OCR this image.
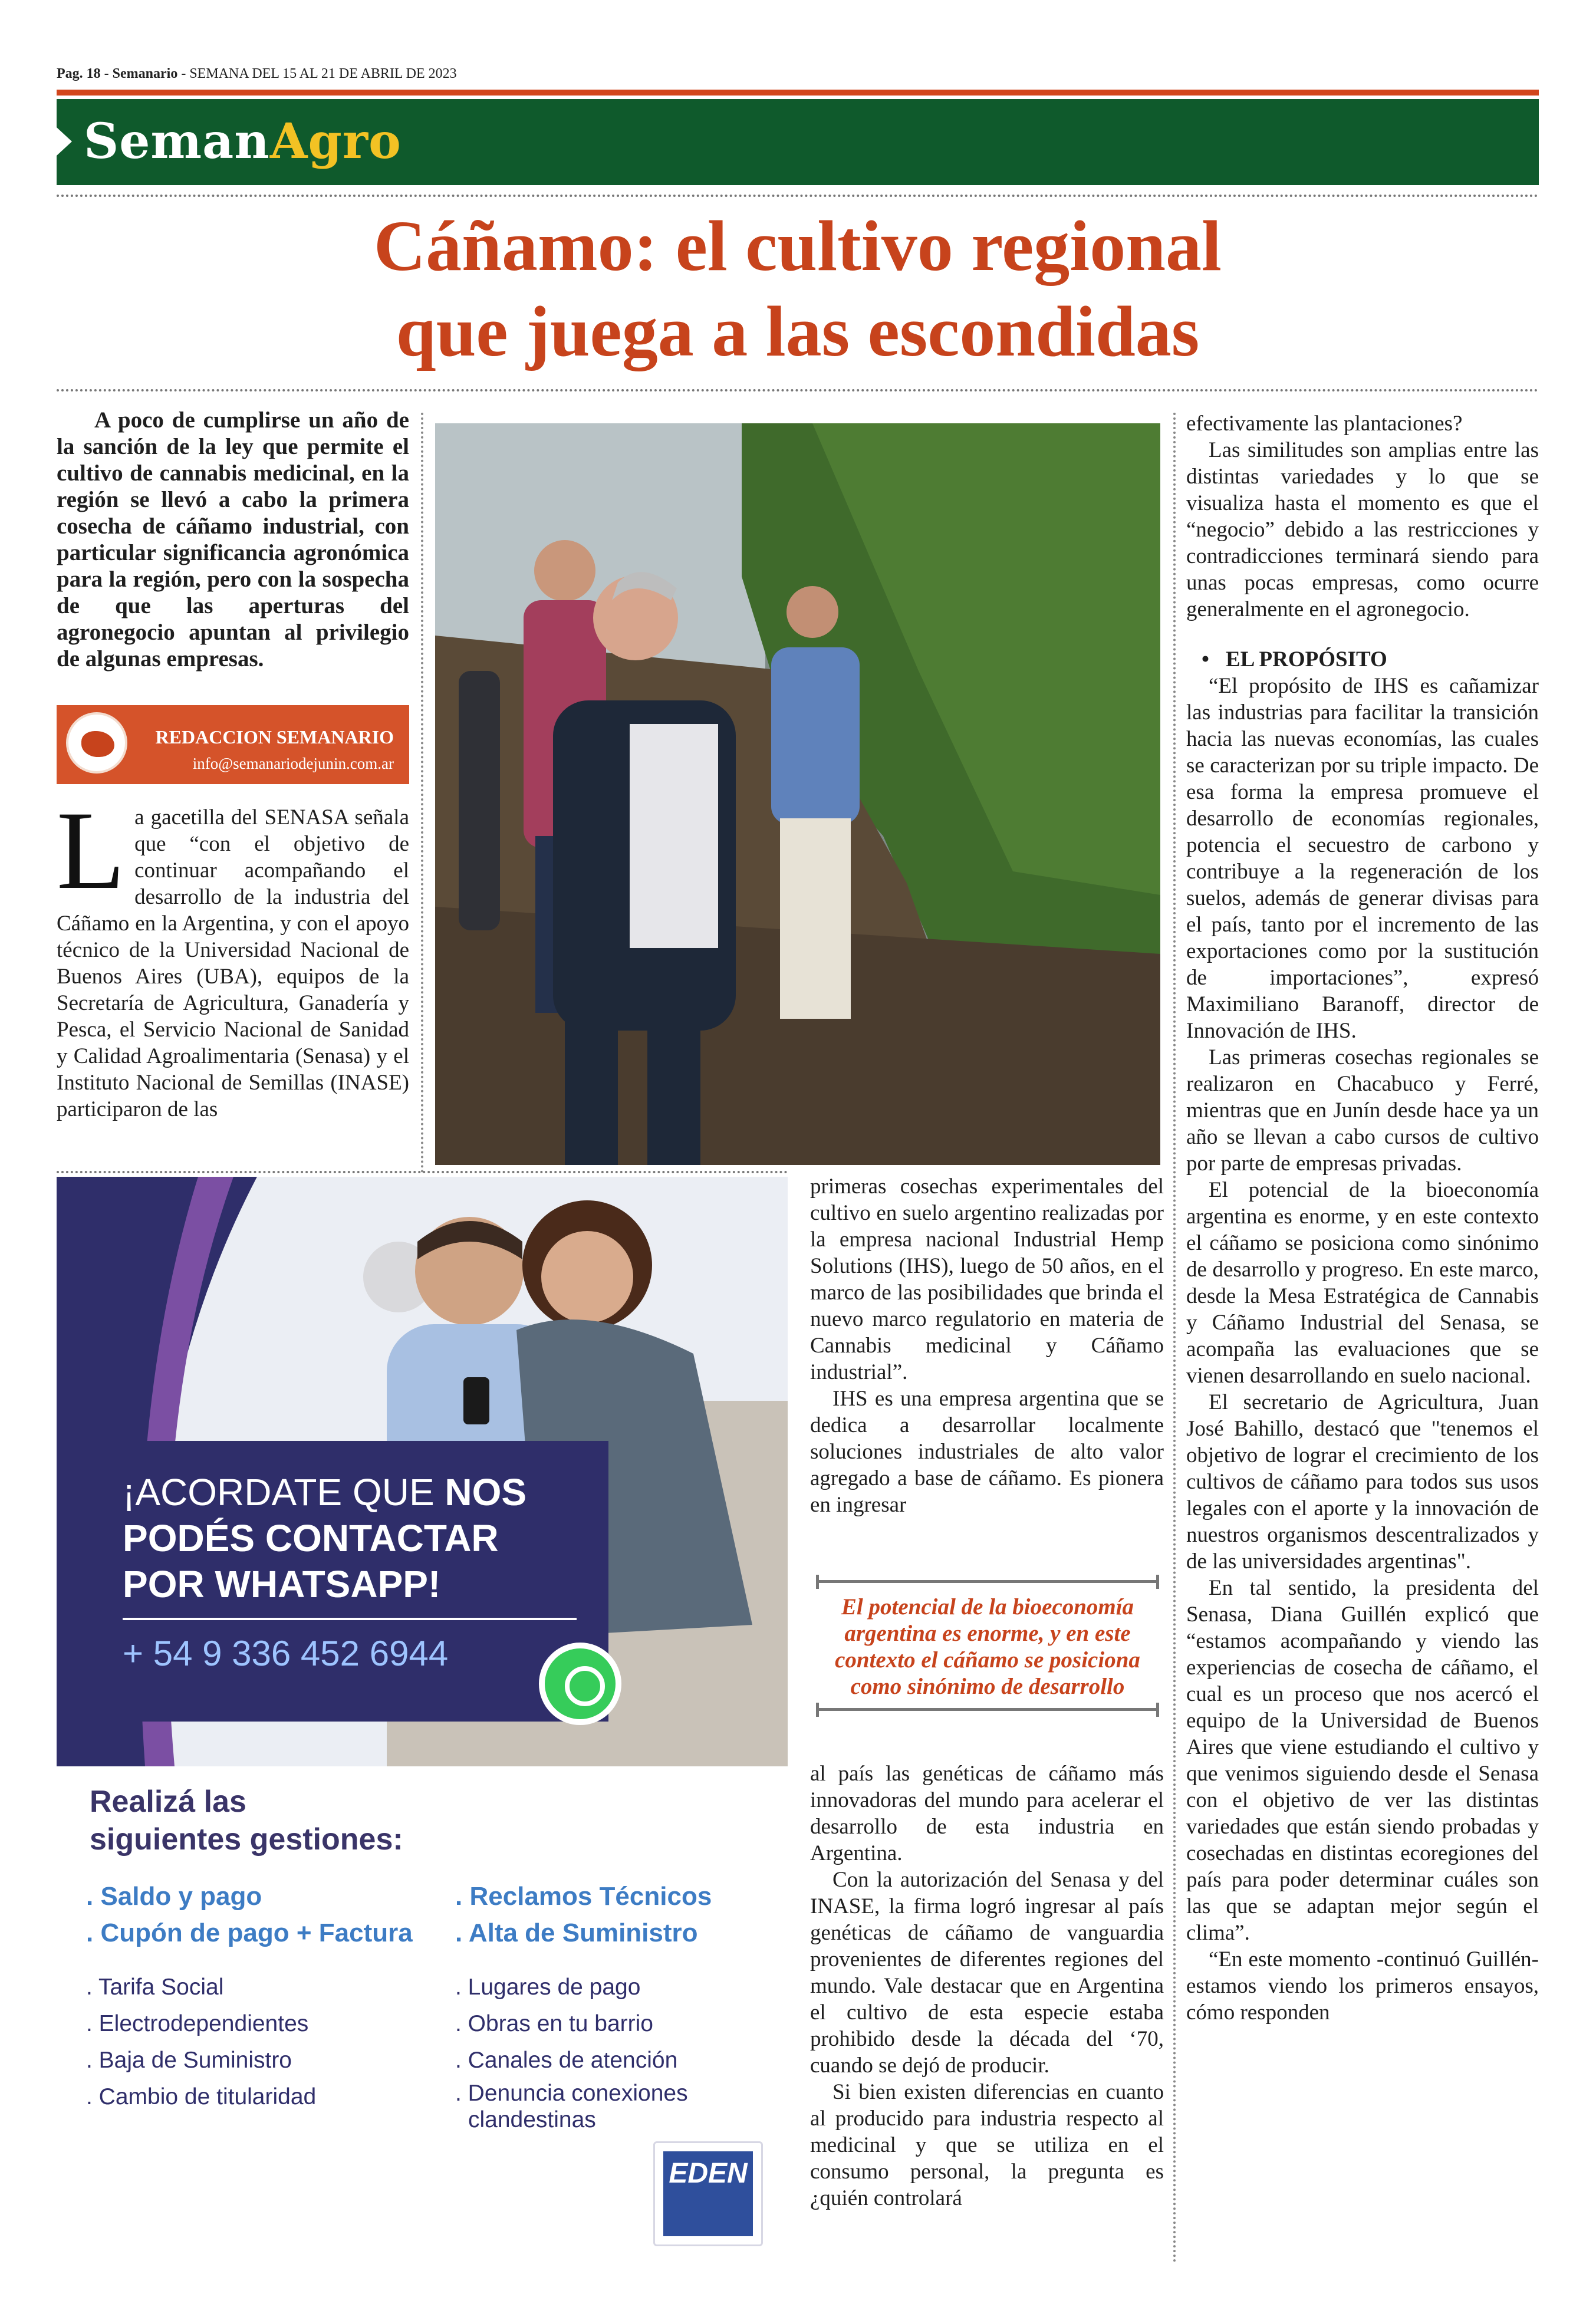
Pag. 18 - Semanario - SEMANA DEL 15 AL 21 DE ABRIL DE 2023
SemanAgro
Cáñamo: el cultivo regional
que juega a las escondidas
A poco de cumplirse un año de la sanción de la ley que permite el cultivo de cannabis medicinal, en la región se llevó a cabo la primera cosecha de cáñamo industrial, con particular significancia agronómica para la región, pero con la sospecha de que las aperturas del agronegocio apuntan al privilegio de algunas empresas.
REDACCION SEMANARIO
info@semanariodejunin.com.ar
L a gacetilla del SENASA señala que “con el objetivo de continuar acompañando el desarrollo de la industria del Cáñamo en la Argentina, y con el apoyo técnico de la Universidad Nacional de Buenos Aires (UBA), equipos de la Secretaría de Agricultura, Ganadería y Pesca, el Servicio Nacional de Sanidad y Calidad Agroalimentaria (Senasa) y el Instituto Nacional de Semillas (INASE) participaron de las

primeras cosechas experimentales del cultivo en suelo argentino realizadas por la empresa nacional Industrial Hemp Solutions (IHS), luego de 50 años, en el marco de las posibilidades que brinda el nuevo marco regulatorio en materia de Cannabis medicinal y Cáñamo industrial”.

IHS es una empresa argentina que se dedica a desarrollar localmente soluciones industriales de alto valor agregado a base de cáñamo. Es pionera en ingresar

El potencial de la bioeconomía argentina es enorme, y en este contexto el cáñamo se posiciona como sinónimo de desarrollo

al país las genéticas de cáñamo más innovadoras del mundo para acelerar el desarrollo de esta industria en Argentina.

Con la autorización del Senasa y del INASE, la firma logró ingresar al país genéticas de cáñamo de vanguardia provenientes de diferentes regiones del mundo. Vale destacar que en Argentina el cultivo de esta especie estaba prohibido desde la década del ‘70, cuando se dejó de producir.

Si bien existen diferencias en cuanto al producido para industria respecto al medicinal y que se utiliza en el consumo personal, la pregunta es ¿quién controlará

efectivamente las plantaciones?

Las similitudes son amplias entre las distintas variedades y lo que se visualiza hasta el momento es que el “negocio” debido a las restricciones y contradicciones terminará siendo para unas pocas empresas, como ocurre generalmente en el agronegocio.

• EL PROPÓSITO

“El propósito de IHS es cañamizar las industrias para facilitar la transición hacia las nuevas economías, las cuales se caracterizan por su triple impacto. De esa forma la empresa promueve el desarrollo de economías regionales, potencia el secuestro de carbono y contribuye a la regeneración de los suelos, además de generar divisas para el país, tanto por el incremento de las exportaciones como por la sustitución de importaciones”, expresó Maximiliano Baranoff, director de Innovación de IHS.

Las primeras cosechas regionales se realizaron en Chacabuco y Ferré, mientras que en Junín desde hace ya un año se llevan a cabo cursos de cultivo por parte de empresas privadas.

El potencial de la bioeconomía argentina es enorme, y en este contexto el cáñamo se posiciona como sinónimo de desarrollo y progreso. En este marco, desde la Mesa Estratégica de Cannabis y Cáñamo Industrial del Senasa, se acompaña las evaluaciones que se vienen desarrollando en suelo nacional.

El secretario de Agricultura, Juan José Bahillo, destacó que "tenemos el objetivo de lograr el crecimiento de los cultivos de cáñamo para todos sus usos legales con el aporte y la innovación de nuestros organismos descentralizados y de las universidades argentinas".

En tal sentido, la presidenta del Senasa, Diana Guillén explicó que “estamos acompañando y viendo las experiencias de cosecha de cáñamo, el cual es un proceso que nos acercó el equipo de la Universidad de Buenos Aires que viene estudiando el cultivo y que venimos siguiendo desde el Senasa con el objetivo de ver las distintas variedades que están siendo probadas y cosechadas en distintas ecoregiones del país para poder determinar cuáles son las que se adaptan mejor según el clima”.

“En este momento -continuó Guillén- estamos viendo los primeros ensayos, cómo responden

¡ACORDATE QUE NOS
PODÉS CONTACTAR
POR WHATSAPP!
+ 54 9 336 452 6944
Realizá las
siguientes gestiones:
. Saldo y pago
. Cupón de pago + Factura
. Reclamos Técnicos
. Alta de Suministro
. Tarifa Social
. Electrodependientes
. Baja de Suministro
. Cambio de titularidad
. Lugares de pago
. Obras en tu barrio
. Canales de atención
. Denuncia conexiones
clandestinas
EDEN
